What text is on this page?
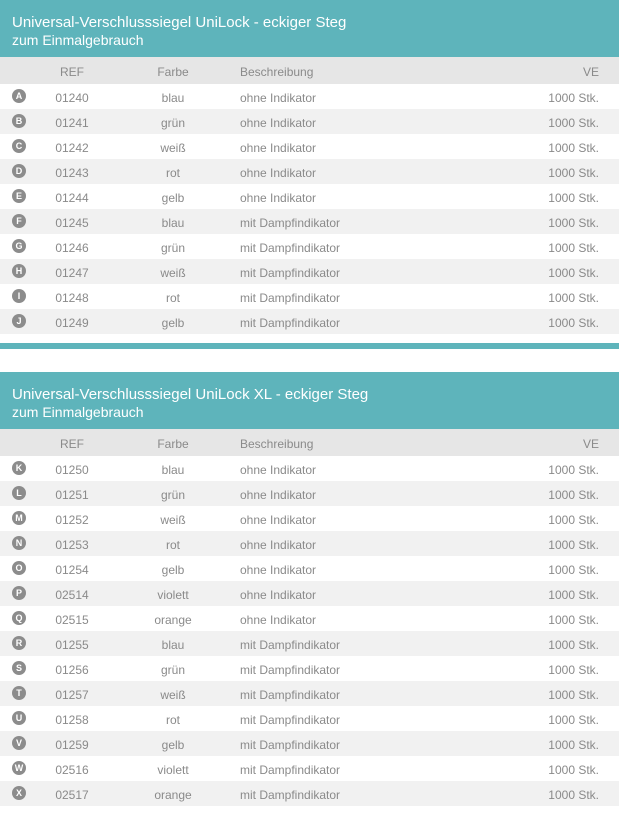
Universal-Verschlusssiegel UniLock - eckiger Steg
zum Einmalgebrauch
REF	Farbe	Beschreibung	VE
A	01240	blau	ohne Indikator	1000 Stk.
B	01241	grün	ohne Indikator	1000 Stk.
C	01242	weiß	ohne Indikator	1000 Stk.
D	01243	rot	ohne Indikator	1000 Stk.
E	01244	gelb	ohne Indikator	1000 Stk.
F	01245	blau	mit Dampfindikator	1000 Stk.
G	01246	grün	mit Dampfindikator	1000 Stk.
H	01247	weiß	mit Dampfindikator	1000 Stk.
I	01248	rot	mit Dampfindikator	1000 Stk.
J	01249	gelb	mit Dampfindikator	1000 Stk.
Universal-Verschlusssiegel UniLock XL - eckiger Steg
zum Einmalgebrauch
REF	Farbe	Beschreibung	VE
K	01250	blau	ohne Indikator	1000 Stk.
L	01251	grün	ohne Indikator	1000 Stk.
M	01252	weiß	ohne Indikator	1000 Stk.
N	01253	rot	ohne Indikator	1000 Stk.
O	01254	gelb	ohne Indikator	1000 Stk.
P	02514	violett	ohne Indikator	1000 Stk.
Q	02515	orange	ohne Indikator	1000 Stk.
R	01255	blau	mit Dampfindikator	1000 Stk.
S	01256	grün	mit Dampfindikator	1000 Stk.
T	01257	weiß	mit Dampfindikator	1000 Stk.
U	01258	rot	mit Dampfindikator	1000 Stk.
V	01259	gelb	mit Dampfindikator	1000 Stk.
W	02516	violett	mit Dampfindikator	1000 Stk.
X	02517	orange	mit Dampfindikator	1000 Stk.
